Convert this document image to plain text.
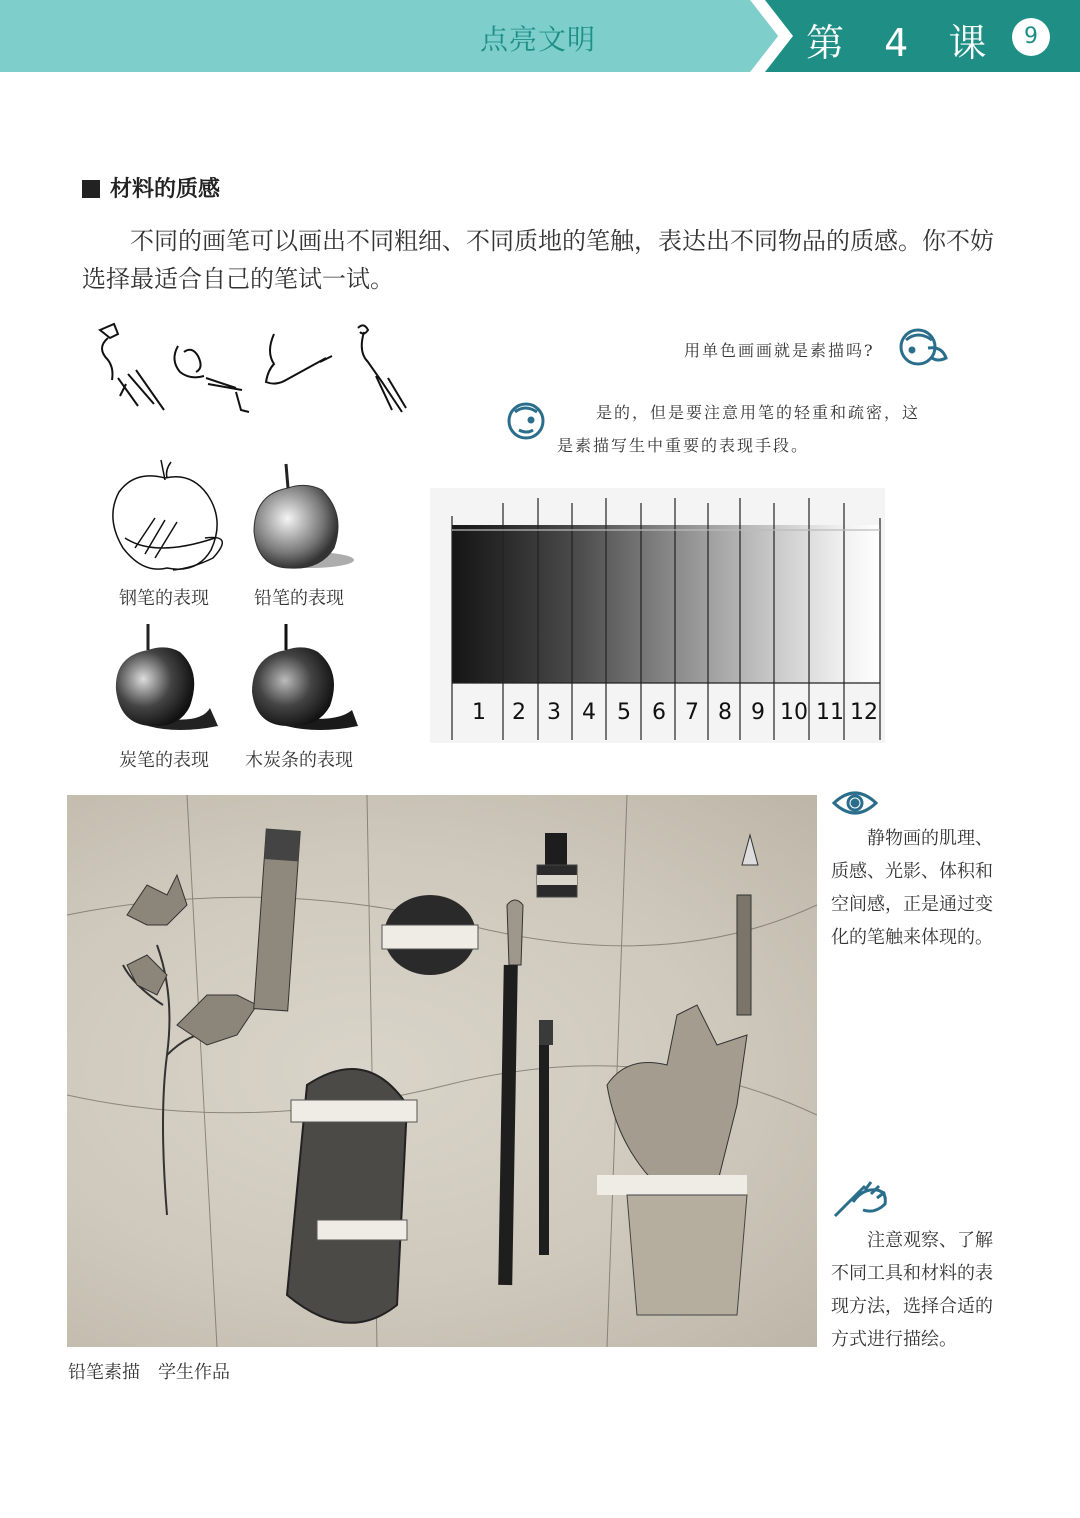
点亮文明	第 4 课	9
材料的质感
不同的画笔可以画出不同粗细、不同质地的笔触，表达出不同物品的质感。你不妨选择最适合自己的笔试一试。
钢笔的表现	铅笔的表现
炭笔的表现 木炭条的表现
用单色画画就是素描吗?
是的，但是要注意用笔的轻重和疏密，这
是素描写生中重要的表现手段。
1 2 3 4 5 6 7 8 9 10 11 12
铅笔素描　学生作品
静物画的肌理、质感、光影、体积和空间感，正是通过变化的笔触来体现的。
注意观察、了解不同工具和材料的表现方法，选择合适的方式进行描绘。
